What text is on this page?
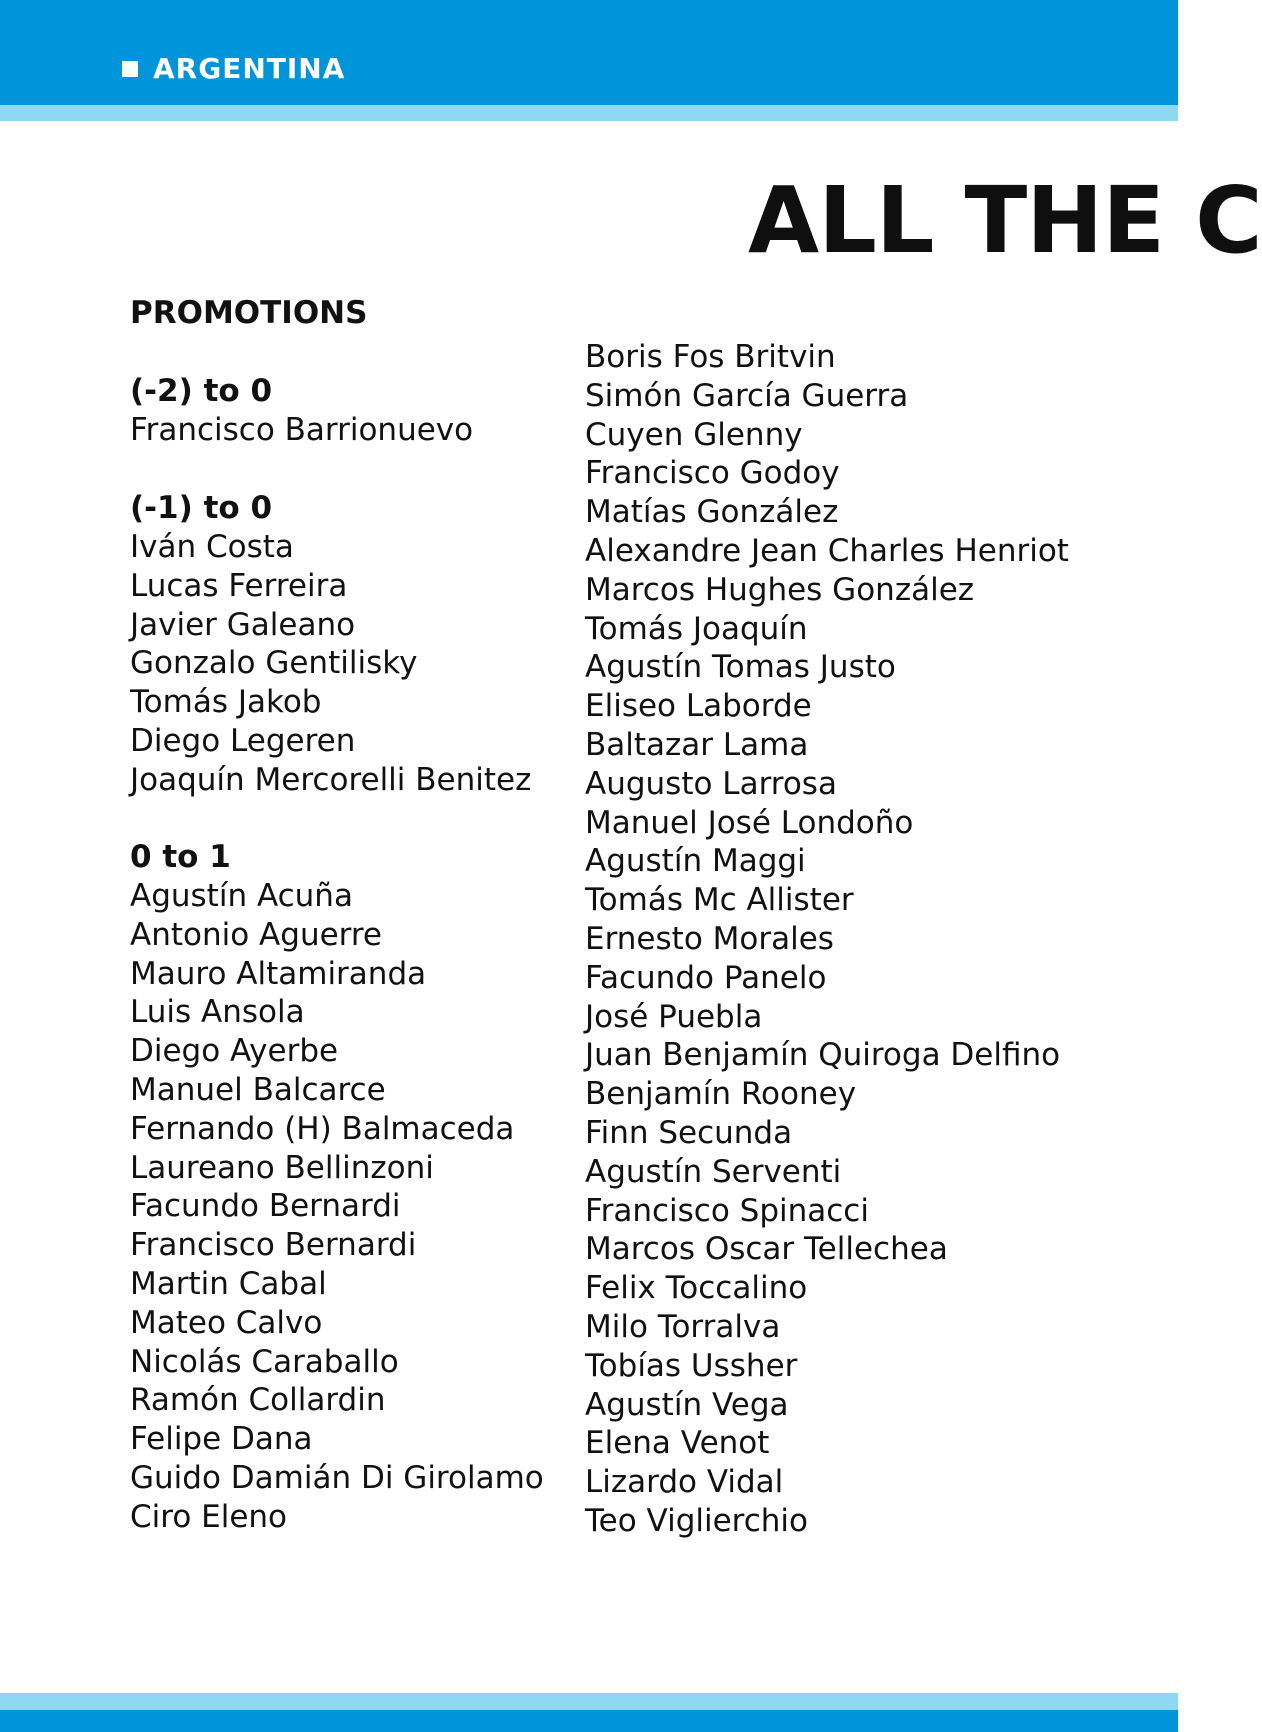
ARGENTINA
ALL THE C
PROMOTIONS
(-2) to 0
Francisco Barrionuevo
(-1) to 0
Iván Costa
Lucas Ferreira
Javier Galeano
Gonzalo Gentilisky
Tomás Jakob
Diego Legeren
Joaquín Mercorelli Benitez
0 to 1
Agustín Acuña
Antonio Aguerre
Mauro Altamiranda
Luis Ansola
Diego Ayerbe
Manuel Balcarce
Fernando (H) Balmaceda
Laureano Bellinzoni
Facundo Bernardi
Francisco Bernardi
Martin Cabal
Mateo Calvo
Nicolás Caraballo
Ramón Collardin
Felipe Dana
Guido Damián Di Girolamo
Ciro Eleno
Boris Fos Britvin
Simón García Guerra
Cuyen Glenny
Francisco Godoy
Matías González
Alexandre Jean Charles Henriot
Marcos Hughes González
Tomás Joaquín
Agustín Tomas Justo
Eliseo Laborde
Baltazar Lama
Augusto Larrosa
Manuel José Londoño
Agustín Maggi
Tomás Mc Allister
Ernesto Morales
Facundo Panelo
José Puebla
Juan Benjamín Quiroga Delfino
Benjamín Rooney
Finn Secunda
Agustín Serventi
Francisco Spinacci
Marcos Oscar Tellechea
Felix Toccalino
Milo Torralva
Tobías Ussher
Agustín Vega
Elena Venot
Lizardo Vidal
Teo Viglierchio
